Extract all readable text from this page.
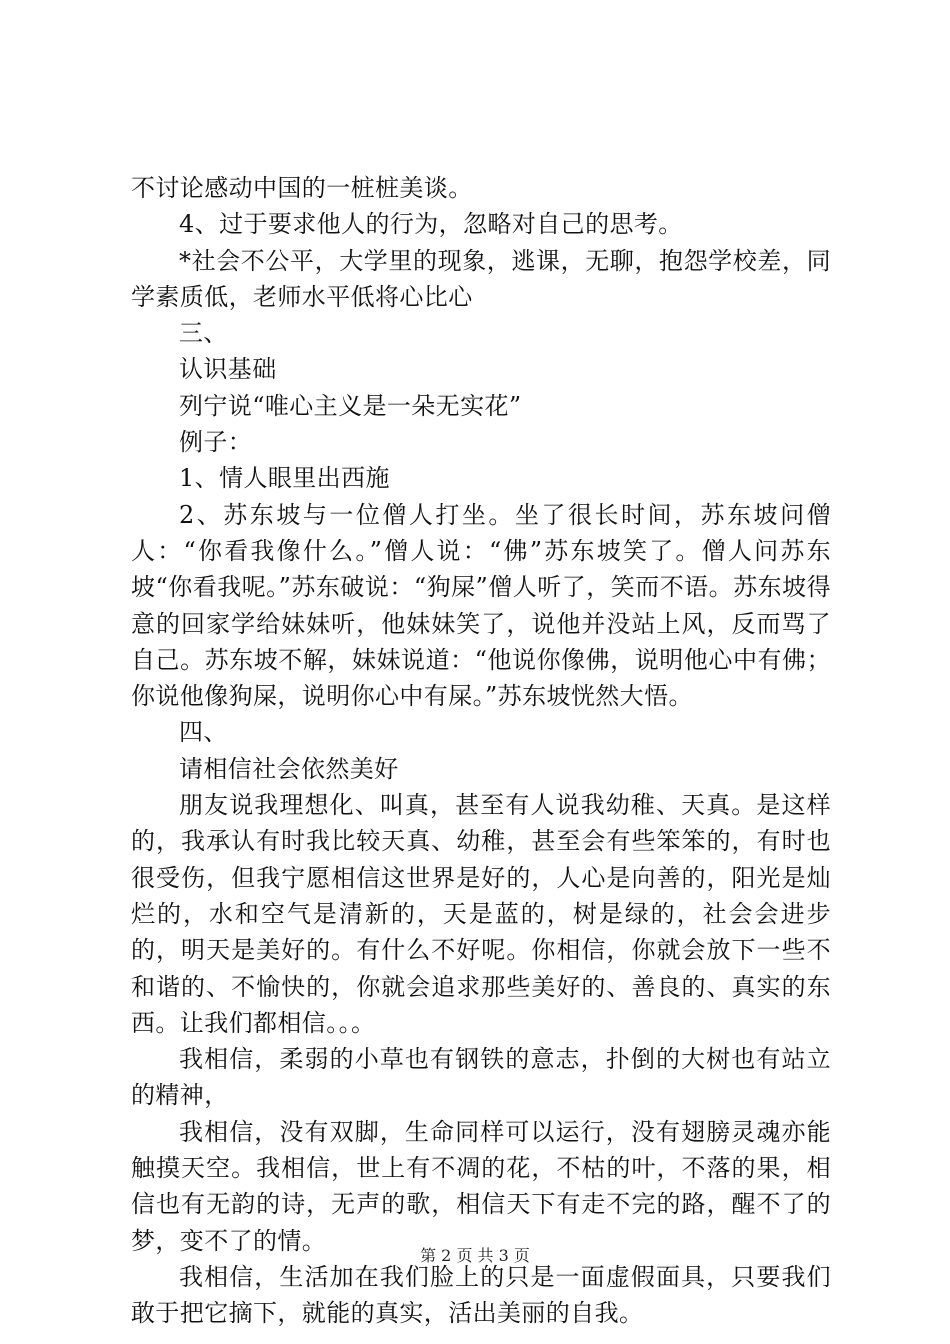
不讨论感动中国的一桩桩美谈。

4、过于要求他人的行为，忽略对自己的思考。

*社会不公平，大学里的现象，逃课，无聊，抱怨学校差，同学素质低，老师水平低将心比心

三、

认识基础

列宁说“唯心主义是一朵无实花”

例子：

1、情人眼里出西施

2、苏东坡与一位僧人打坐。坐了很长时间，苏东坡问僧人：“你看我像什么。”僧人说：“佛”苏东坡笑了。僧人问苏东坡“你看我呢。”苏东破说：“狗屎”僧人听了，笑而不语。苏东坡得意的回家学给妹妹听，他妹妹笑了，说他并没站上风，反而骂了自己。苏东坡不解，妹妹说道：“他说你像佛，说明他心中有佛；你说他像狗屎，说明你心中有屎。”苏东坡恍然大悟。

四、

请相信社会依然美好

朋友说我理想化、叫真，甚至有人说我幼稚、天真。是这样的，我承认有时我比较天真、幼稚，甚至会有些笨笨的，有时也很受伤，但我宁愿相信这世界是好的，人心是向善的，阳光是灿烂的，水和空气是清新的，天是蓝的，树是绿的，社会会进步的，明天是美好的。有什么不好呢。你相信，你就会放下一些不和谐的、不愉快的，你就会追求那些美好的、善良的、真实的东西。让我们都相信。。。

我相信，柔弱的小草也有钢铁的意志，扑倒的大树也有站立的精神，

我相信，没有双脚，生命同样可以运行，没有翅膀灵魂亦能触摸天空。我相信，世上有不凋的花，不枯的叶，不落的果，相信也有无韵的诗，无声的歌，相信天下有走不完的路，醒不了的梦，变不了的情。

我相信，生活加在我们脸上的只是一面虚假面具，只要我们敢于把它摘下，就能的真实，活出美丽的自我。

第 2 页 共 3 页
